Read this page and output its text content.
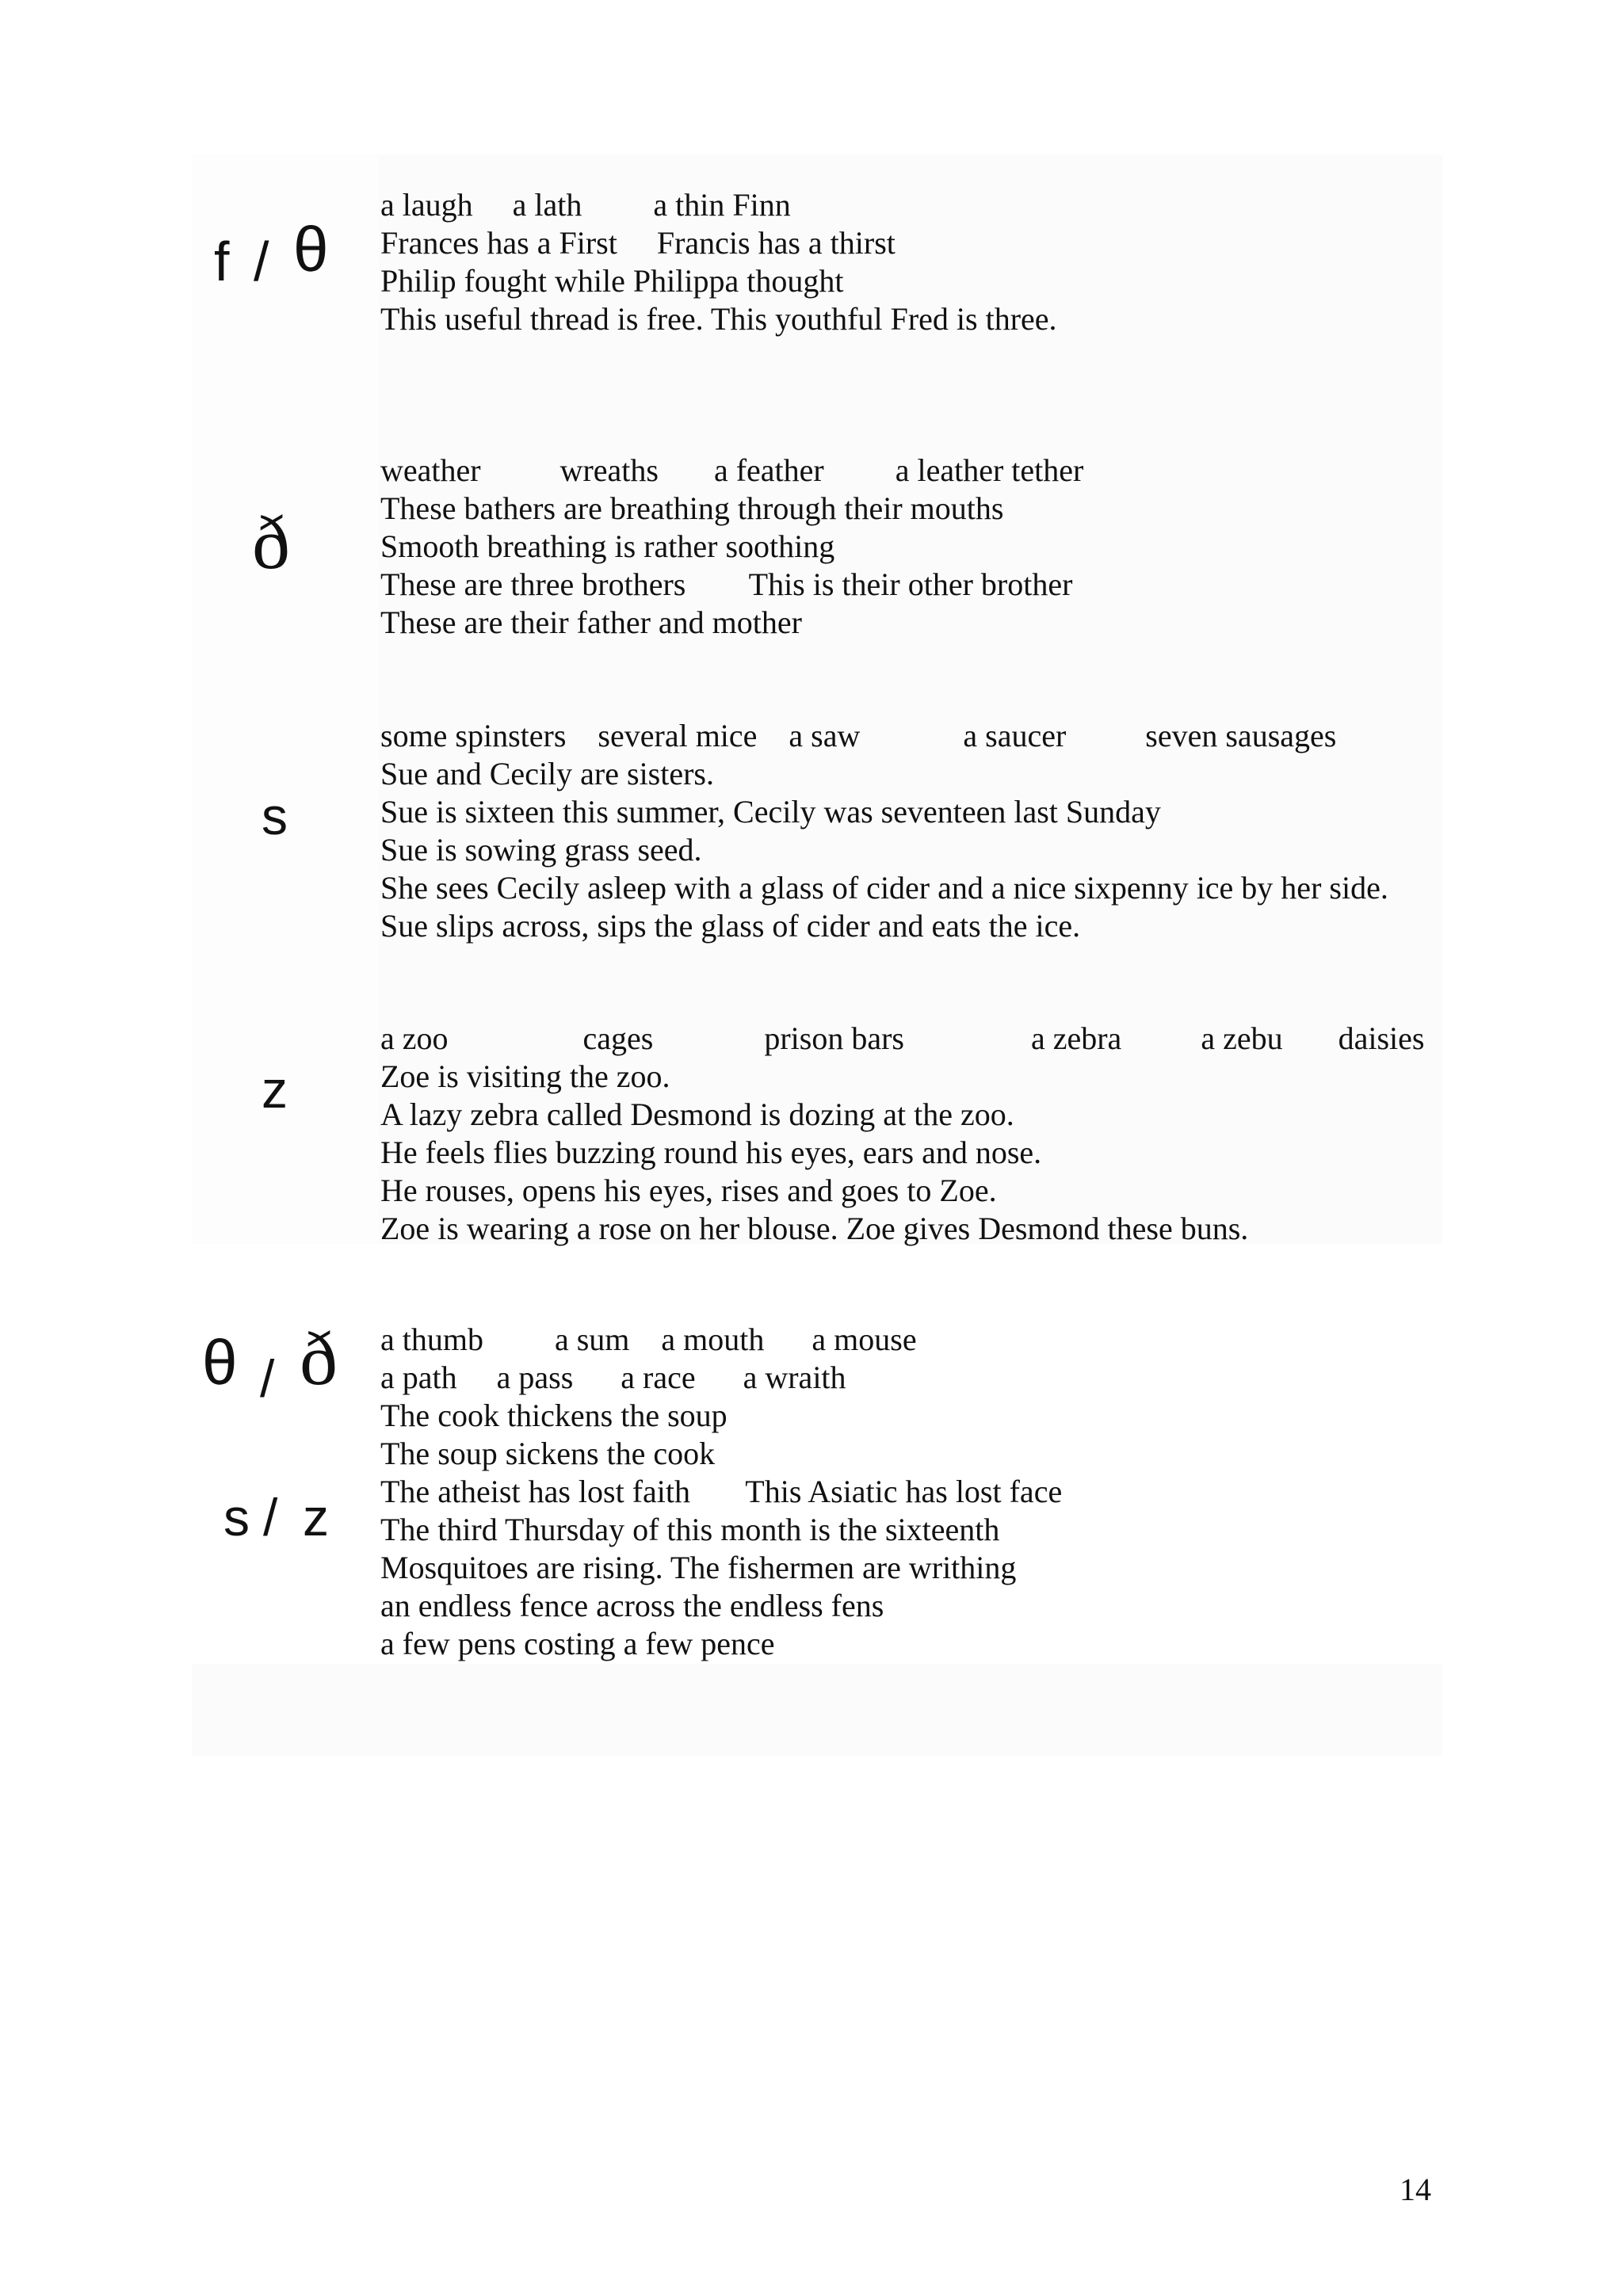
f / θ
a laugh     a lath         a thin Finn
Frances has a First     Francis has a thirst
Philip fought while Philippa thought
This useful thread is free. This youthful Fred is three.
ð
weather          wreaths       a feather         a leather tether
These bathers are breathing through their mouths
Smooth breathing is rather soothing
These are three brothers        This is their other brother
These are their father and mother
s
some spinsters    several mice    a saw             a saucer          seven sausages
Sue and Cecily are sisters.
Sue is sixteen this summer, Cecily was seventeen last Sunday
Sue is sowing grass seed.
She sees Cecily asleep with a glass of cider and a nice sixpenny ice by her side.
Sue slips across, sips the glass of cider and eats the ice.
z
a zoo                 cages              prison bars                a zebra          a zebu       daisies
Zoe is visiting the zoo.
A lazy zebra called Desmond is dozing at the zoo.
He feels flies buzzing round his eyes, ears and nose.
He rouses, opens his eyes, rises and goes to Zoe.
Zoe is wearing a rose on her blouse. Zoe gives Desmond these buns.
θ / ð
s / z
a thumb         a sum    a mouth      a mouse
a path     a pass      a race      a wraith
The cook thickens the soup
The soup sickens the cook
The atheist has lost faith       This Asiatic has lost face
The third Thursday of this month is the sixteenth
Mosquitoes are rising. The fishermen are writhing
an endless fence across the endless fens
a few pens costing a few pence
14
